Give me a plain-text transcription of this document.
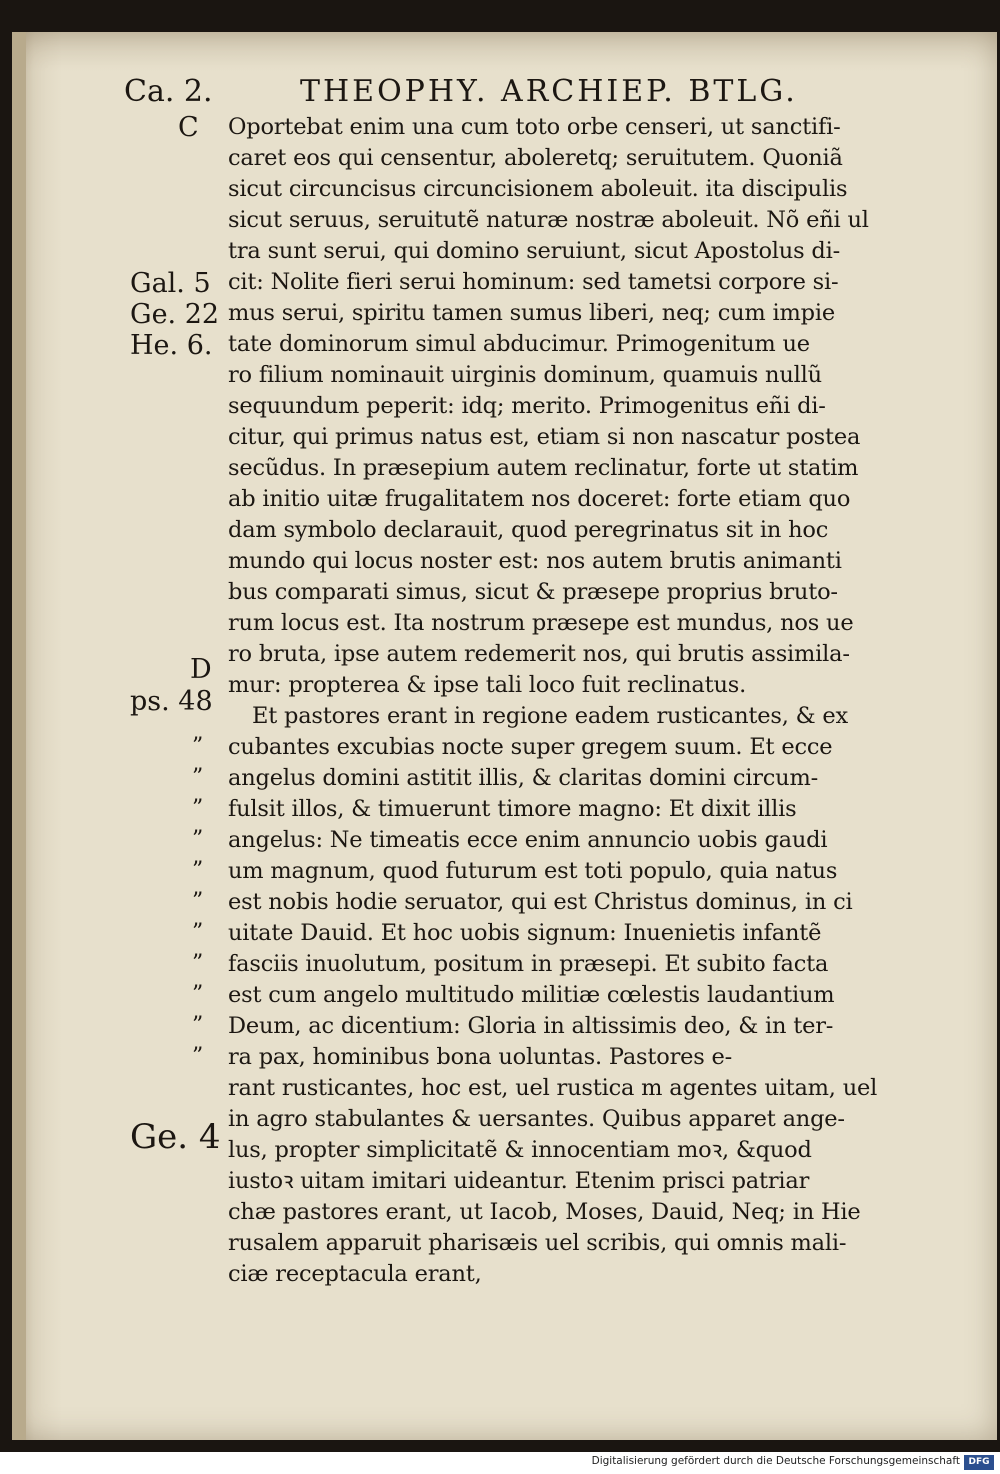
Ca. 2.	THEOPHY. ARCHIEP. BTLG.
C
Gal. 5
Ge. 22
He. 6.
D
ps. 48
Ge. 4
”
”
”
”
”
”
”
”
”
”
”
Oportebat enim una cum toto orbe censeri, ut sanctifi-
caret eos qui censentur, aboleretq; seruitutem. Quoniã
sicut circuncisus circuncisionem aboleuit. ita discipulis
sicut seruus, seruitutẽ naturæ nostræ aboleuit. Nõ eñi ul
tra sunt serui, qui domino seruiunt, sicut Apostolus di-
cit: Nolite fieri serui hominum: sed tametsi corpore si-
mus serui, spiritu tamen sumus liberi, neq; cum impie
tate dominorum simul abducimur. Primogenitum ue
ro filium nominauit uirginis dominum, quamuis nullũ
sequundum peperit: idq; merito. Primogenitus eñi di-
citur, qui primus natus est, etiam si non nascatur postea
secũdus. In præsepium autem reclinatur, forte ut statim
ab initio uitæ frugalitatem nos doceret: forte etiam quo
dam symbolo declarauit, quod peregrinatus sit in hoc
mundo qui locus noster est: nos autem brutis animanti
bus comparati simus, sicut & præsepe proprius bruto-
rum locus est. Ita nostrum præsepe est mundus, nos ue
ro bruta, ipse autem redemerit nos, qui brutis assimila-
mur: propterea & ipse tali loco fuit reclinatus.
Et pastores erant in regione eadem rusticantes, & ex
cubantes excubias nocte super gregem suum. Et ecce
angelus domini astitit illis, & claritas domini circum-
fulsit illos, & timuerunt timore magno: Et dixit illis
angelus: Ne timeatis ecce enim annuncio uobis gaudi
um magnum, quod futurum est toti populo, quia natus
est nobis hodie seruator, qui est Christus dominus, in ci
uitate Dauid. Et hoc uobis signum: Inuenietis infantẽ
fasciis inuolutum, positum in præsepi. Et subito facta
est cum angelo multitudo militiæ cœlestis laudantium
Deum, ac dicentium: Gloria in altissimis deo, & in ter-
ra pax, hominibus bona uoluntas. Pastores e-
rant rusticantes, hoc est, uel rustica m agentes uitam, uel
in agro stabulantes & uersantes. Quibus apparet ange-
lus, propter simplicitatẽ & innocentiam moꝛ, &quod
iustoꝛ uitam imitari uideantur. Etenim prisci patriar
chæ pastores erant, ut Iacob, Moses, Dauid, Neq; in Hie
rusalem apparuit pharisæis uel scribis, qui omnis mali-
ciæ receptacula erant,
Digitalisierung gefördert durch die Deutsche Forschungsgemeinschaft DFG
